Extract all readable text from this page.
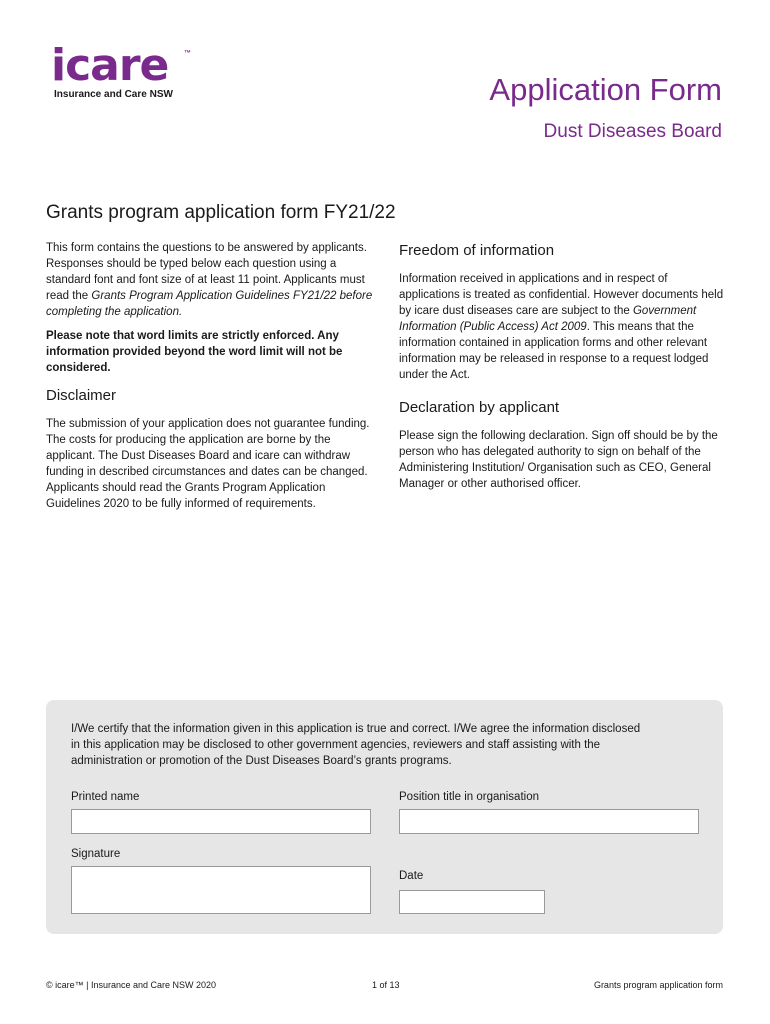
icare	™
Insurance and Care NSW	Application Form
Dust Diseases Board
Grants program application form FY21/22

This form contains the questions to be answered by applicants. Responses should be typed below each question using a standard font and font size of at least 11 point. Applicants must read the Grants Program Application Guidelines FY21/22 before completing the application.

Please note that word limits are strictly enforced. Any information provided beyond the word limit will not be considered.

Disclaimer

The submission of your application does not guarantee funding. The costs for producing the application are borne by the applicant. The Dust Diseases Board and icare can withdraw funding in described circumstances and dates can be changed. Applicants should read the Grants Program Application Guidelines 2020 to be fully informed of requirements.

Freedom of information

Information received in applications and in respect of applications is treated as confidential. However documents held by icare dust diseases care are subject to the Government Information (Public Access) Act 2009. This means that the information contained in application forms and other relevant information may be released in response to a request lodged under the Act.

Declaration by applicant

Please sign the following declaration. Sign off should be by the person who has delegated authority to sign on behalf of the Administering Institution/ Organisation such as CEO, General Manager or other authorised officer.

I/We certify that the information given in this application is true and correct. I/We agree the information disclosed in this application may be disclosed to other government agencies, reviewers and staff assisting with the administration or promotion of the Dust Diseases Board’s grants programs.
Printed name	Position title in organisation
Signature
Date
© icare™ | Insurance and Care NSW 2020	1 of 13	Grants program application form
